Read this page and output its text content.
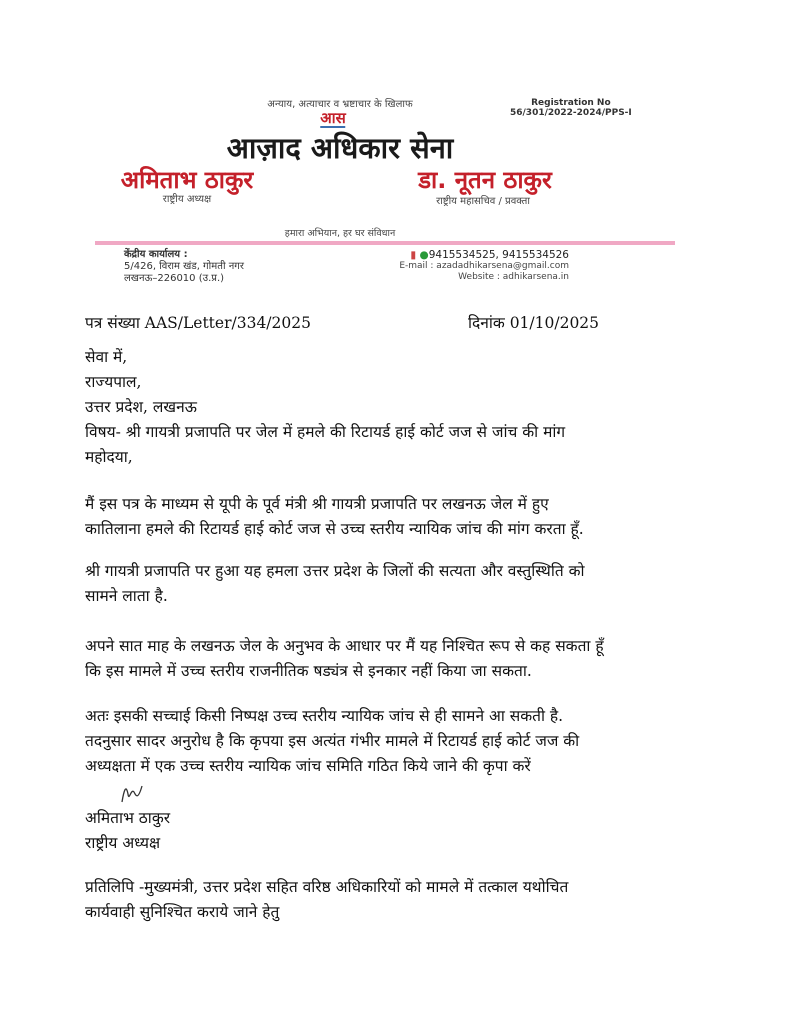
अन्याय, अत्याचार व भ्रष्टाचार के खिलाफ
आस
Registration No
56/301/2022-2024/PPS-I
आज़ाद अधिकार सेना
अमिताभ ठाकुर
राष्ट्रीय अध्यक्ष
डा. नूतन ठाकुर
राष्ट्रीय महासचिव / प्रवक्ता
हमारा अभियान, हर घर संविधान
केंद्रीय कार्यालय :
5/426, विराम खंड, गोमती नगर
लखनऊ–226010 (उ.प्र.)
▮ ●9415534525, 9415534526
E-mail : azadadhikarsena@gmail.com
Website : adhikarsena.in
पत्र संख्या AAS/Letter/334/2025	दिनांक 01/10/2025
सेवा में,
राज्यपाल,
उत्तर प्रदेश, लखनऊ
विषय- श्री गायत्री प्रजापति पर जेल में हमले की रिटायर्ड हाई कोर्ट जज से जांच की मांग
महोदया,
मैं इस पत्र के माध्यम से यूपी के पूर्व मंत्री श्री गायत्री प्रजापति पर लखनऊ जेल में हुए
कातिलाना हमले की रिटायर्ड हाई कोर्ट जज से उच्च स्तरीय न्यायिक जांच की मांग करता हूँ.
श्री गायत्री प्रजापति पर हुआ यह हमला उत्तर प्रदेश के जिलों की सत्यता और वस्तुस्थिति को
सामने लाता है.
अपने सात माह के लखनऊ जेल के अनुभव के आधार पर मैं यह निश्चित रूप से कह सकता हूँ
कि इस मामले में उच्च स्तरीय राजनीतिक षड्यंत्र से इनकार नहीं किया जा सकता.
अतः इसकी सच्चाई किसी निष्पक्ष उच्च स्तरीय न्यायिक जांच से ही सामने आ सकती है.
तदनुसार सादर अनुरोध है कि कृपया इस अत्यंत गंभीर मामले में रिटायर्ड हाई कोर्ट जज की
अध्यक्षता में एक उच्च स्तरीय न्यायिक जांच समिति गठित किये जाने की कृपा करें
अमिताभ ठाकुर
राष्ट्रीय अध्यक्ष
प्रतिलिपि -मुख्यमंत्री, उत्तर प्रदेश सहित वरिष्ठ अधिकारियों को मामले में तत्काल यथोचित
कार्यवाही सुनिश्चित कराये जाने हेतु
